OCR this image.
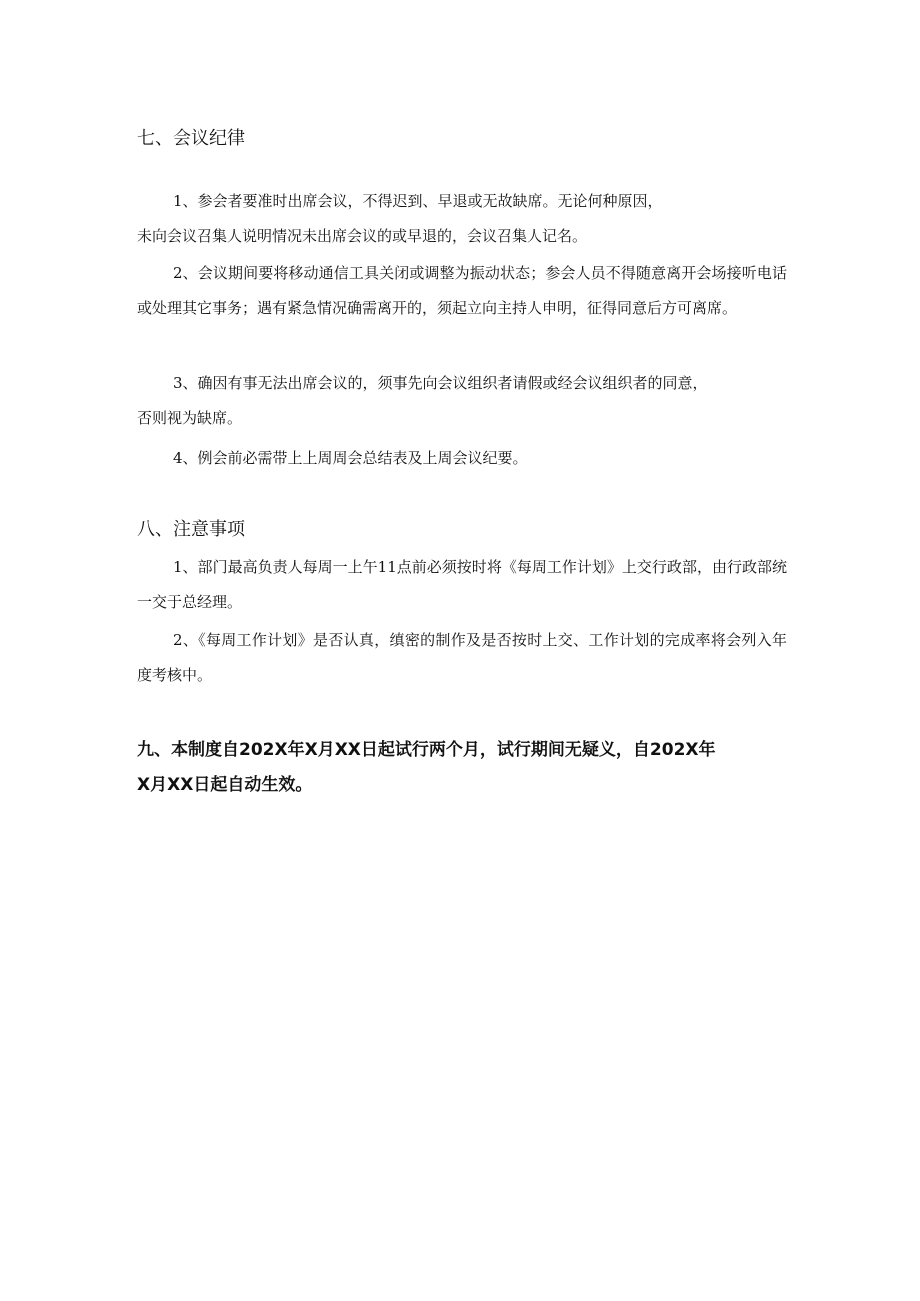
七、会议纪律

1、参会者要准时出席会议，不得迟到、早退或无故缺席。无论何种原因，
未向会议召集人说明情况未出席会议的或早退的，会议召集人记名。

2、会议期间要将移动通信工具关闭或调整为振动状态；参会人员不得随意离开会场接听电话或处理其它事务；遇有紧急情况确需离开的，须起立向主持人申明，征得同意后方可离席。

3、确因有事无法出席会议的，须事先向会议组织者请假或经会议组织者的同意，
否则视为缺席。

4、例会前必需带上上周周会总结表及上周会议纪要。

八、注意事项

1、部门最高负责人每周一上午11点前必须按时将《每周工作计划》上交行政部，由行政部统一交于总经理。

2、《每周工作计划》是否认真，缜密的制作及是否按时上交、工作计划的完成率将会列入年度考核中。

九、本制度自202X年X月XX日起试行两个月，试行期间无疑义，自202X年
X月XX日起自动生效。
